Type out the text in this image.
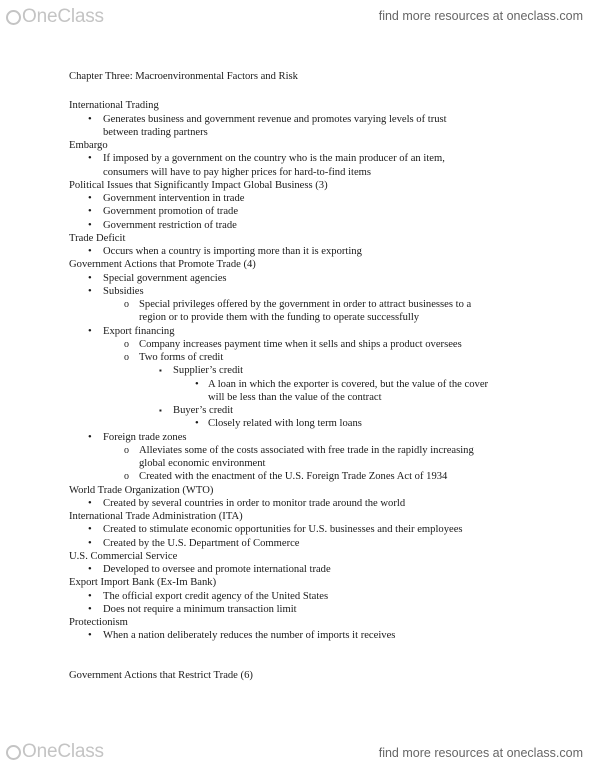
OneClass	find more resources at oneclass.com
Chapter Three: Macroenvironmental Factors and Risk
International Trading
• Generates business and government revenue and promotes varying levels of trust
between trading partners
Embargo
• If imposed by a government on the country who is the main producer of an item,
consumers will have to pay higher prices for hard-to-find items
Political Issues that Significantly Impact Global Business (3)
• Government intervention in trade
• Government promotion of trade
• Government restriction of trade
Trade Deficit
• Occurs when a country is importing more than it is exporting
Government Actions that Promote Trade (4)
• Special government agencies
• Subsidies
o Special privileges offered by the government in order to attract businesses to a
region or to provide them with the funding to operate successfully
• Export financing
o Company increases payment time when it sells and ships a product oversees
o Two forms of credit
▪ Supplier’s credit
• A loan in which the exporter is covered, but the value of the cover
will be less than the value of the contract
▪ Buyer’s credit
• Closely related with long term loans
• Foreign trade zones
o Alleviates some of the costs associated with free trade in the rapidly increasing
global economic environment
o Created with the enactment of the U.S. Foreign Trade Zones Act of 1934
World Trade Organization (WTO)
• Created by several countries in order to monitor trade around the world
International Trade Administration (ITA)
• Created to stimulate economic opportunities for U.S. businesses and their employees
• Created by the U.S. Department of Commerce
U.S. Commercial Service
• Developed to oversee and promote international trade
Export Import Bank (Ex-Im Bank)
• The official export credit agency of the United States
• Does not require a minimum transaction limit
Protectionism
• When a nation deliberately reduces the number of imports it receives
Government Actions that Restrict Trade (6)
OneClass	find more resources at oneclass.com
